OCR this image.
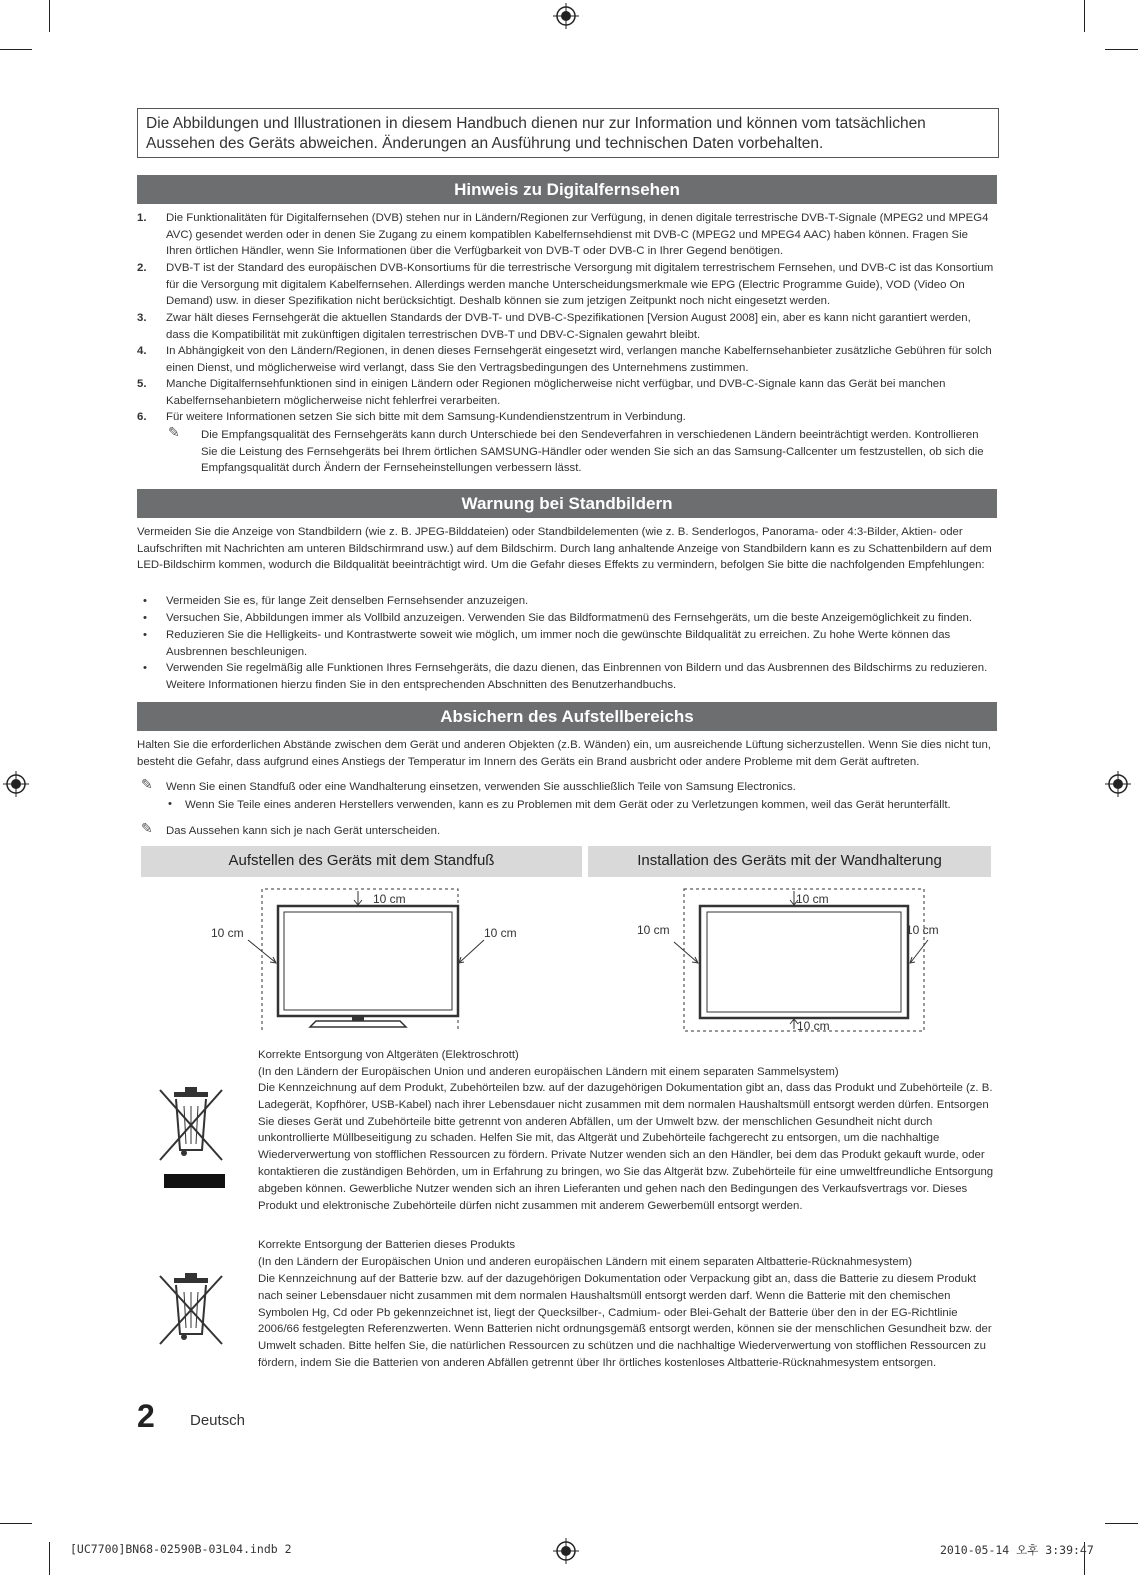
Die Abbildungen und Illustrationen in diesem Handbuch dienen nur zur Information und können vom tatsächlichen Aussehen des Geräts abweichen. Änderungen an Ausführung und technischen Daten vorbehalten.
Hinweis zu Digitalfernsehen
1. Die Funktionalitäten für Digitalfernsehen (DVB) stehen nur in Ländern/Regionen zur Verfügung, in denen digitale terrestrische DVB-T-Signale (MPEG2 und MPEG4 AVC) gesendet werden oder in denen Sie Zugang zu einem kompatiblen Kabelfernsehdienst mit DVB-C (MPEG2 und MPEG4 AAC) haben können. Fragen Sie Ihren örtlichen Händler, wenn Sie Informationen über die Verfügbarkeit von DVB-T oder DVB-C in Ihrer Gegend benötigen.
2. DVB-T ist der Standard des europäischen DVB-Konsortiums für die terrestrische Versorgung mit digitalem terrestrischem Fernsehen, und DVB-C ist das Konsortium für die Versorgung mit digitalem Kabelfernsehen. Allerdings werden manche Unterscheidungsmerkmale wie EPG (Electric Programme Guide), VOD (Video On Demand) usw. in dieser Spezifikation nicht berücksichtigt. Deshalb können sie zum jetzigen Zeitpunkt noch nicht eingesetzt werden.
3. Zwar hält dieses Fernsehgerät die aktuellen Standards der DVB-T- und DVB-C-Spezifikationen [Version August 2008] ein, aber es kann nicht garantiert werden, dass die Kompatibilität mit zukünftigen digitalen terrestrischen DVB-T und DBV-C-Signalen gewahrt bleibt.
4. In Abhängigkeit von den Ländern/Regionen, in denen dieses Fernsehgerät eingesetzt wird, verlangen manche Kabelfernsehanbieter zusätzliche Gebühren für solch einen Dienst, und möglicherweise wird verlangt, dass Sie den Vertragsbedingungen des Unternehmens zustimmen.
5. Manche Digitalfernsehfunktionen sind in einigen Ländern oder Regionen möglicherweise nicht verfügbar, und DVB-C-Signale kann das Gerät bei manchen Kabelfernsehanbietern möglicherweise nicht fehlerfrei verarbeiten.
6. Für weitere Informationen setzen Sie sich bitte mit dem Samsung-Kundendienstzentrum in Verbindung.
✎ Die Empfangsqualität des Fernsehgeräts kann durch Unterschiede bei den Sendeverfahren in verschiedenen Ländern beeinträchtigt werden. Kontrollieren Sie die Leistung des Fernsehgeräts bei Ihrem örtlichen SAMSUNG-Händler oder wenden Sie sich an das Samsung-Callcenter um festzustellen, ob sich die Empfangsqualität durch Ändern der Fernseheinstellungen verbessern lässt.
Warnung bei Standbildern
Vermeiden Sie die Anzeige von Standbildern (wie z. B. JPEG-Bilddateien) oder Standbildelementen (wie z. B. Senderlogos, Panorama- oder 4:3-Bilder, Aktien- oder Laufschriften mit Nachrichten am unteren Bildschirmrand usw.) auf dem Bildschirm. Durch lang anhaltende Anzeige von Standbildern kann es zu Schattenbildern auf dem LED-Bildschirm kommen, wodurch die Bildqualität beeinträchtigt wird. Um die Gefahr dieses Effekts zu vermindern, befolgen Sie bitte die nachfolgenden Empfehlungen:
• Vermeiden Sie es, für lange Zeit denselben Fernsehsender anzuzeigen.
• Versuchen Sie, Abbildungen immer als Vollbild anzuzeigen. Verwenden Sie das Bildformatmenü des Fernsehgeräts, um die beste Anzeigemöglichkeit zu finden.
• Reduzieren Sie die Helligkeits- und Kontrastwerte soweit wie möglich, um immer noch die gewünschte Bildqualität zu erreichen. Zu hohe Werte können das Ausbrennen beschleunigen.
• Verwenden Sie regelmäßig alle Funktionen Ihres Fernsehgeräts, die dazu dienen, das Einbrennen von Bildern und das Ausbrennen des Bildschirms zu reduzieren. Weitere Informationen hierzu finden Sie in den entsprechenden Abschnitten des Benutzerhandbuchs.
Absichern des Aufstellbereichs
Halten Sie die erforderlichen Abstände zwischen dem Gerät und anderen Objekten (z.B. Wänden) ein, um ausreichende Lüftung sicherzustellen. Wenn Sie dies nicht tun, besteht die Gefahr, dass aufgrund eines Anstiegs der Temperatur im Innern des Geräts ein Brand ausbricht oder andere Probleme mit dem Gerät auftreten.
✎ Wenn Sie einen Standfuß oder eine Wandhalterung einsetzen, verwenden Sie ausschließlich Teile von Samsung Electronics.
• Wenn Sie Teile eines anderen Herstellers verwenden, kann es zu Problemen mit dem Gerät oder zu Verletzungen kommen, weil das Gerät herunterfällt.
✎ Das Aussehen kann sich je nach Gerät unterscheiden.
Aufstellen des Geräts mit dem Standfuß	Installation des Geräts mit der Wandhalterung
10 cm
10 cm	10 cm
10 cm
10 cm	10 cm
10 cm
Korrekte Entsorgung von Altgeräten (Elektroschrott)
(In den Ländern der Europäischen Union und anderen europäischen Ländern mit einem separaten Sammelsystem)
Die Kennzeichnung auf dem Produkt, Zubehörteilen bzw. auf der dazugehörigen Dokumentation gibt an, dass das Produkt und Zubehörteile (z. B. Ladegerät, Kopfhörer, USB-Kabel) nach ihrer Lebensdauer nicht zusammen mit dem normalen Haushaltsmüll entsorgt werden dürfen. Entsorgen Sie dieses Gerät und Zubehörteile bitte getrennt von anderen Abfällen, um der Umwelt bzw. der menschlichen Gesundheit nicht durch unkontrollierte Müllbeseitigung zu schaden. Helfen Sie mit, das Altgerät und Zubehörteile fachgerecht zu entsorgen, um die nachhaltige Wiederverwertung von stofflichen Ressourcen zu fördern. Private Nutzer wenden sich an den Händler, bei dem das Produkt gekauft wurde, oder kontaktieren die zuständigen Behörden, um in Erfahrung zu bringen, wo Sie das Altgerät bzw. Zubehörteile für eine umweltfreundliche Entsorgung abgeben können. Gewerbliche Nutzer wenden sich an ihren Lieferanten und gehen nach den Bedingungen des Verkaufsvertrags vor. Dieses Produkt und elektronische Zubehörteile dürfen nicht zusammen mit anderem Gewerbemüll entsorgt werden.
Korrekte Entsorgung der Batterien dieses Produkts
(In den Ländern der Europäischen Union und anderen europäischen Ländern mit einem separaten Altbatterie-Rücknahmesystem)
Die Kennzeichnung auf der Batterie bzw. auf der dazugehörigen Dokumentation oder Verpackung gibt an, dass die Batterie zu diesem Produkt nach seiner Lebensdauer nicht zusammen mit dem normalen Haushaltsmüll entsorgt werden darf. Wenn die Batterie mit den chemischen Symbolen Hg, Cd oder Pb gekennzeichnet ist, liegt der Quecksilber-, Cadmium- oder Blei-Gehalt der Batterie über den in der EG-Richtlinie 2006/66 festgelegten Referenzwerten. Wenn Batterien nicht ordnungsgemäß entsorgt werden, können sie der menschlichen Gesundheit bzw. der Umwelt schaden. Bitte helfen Sie, die natürlichen Ressourcen zu schützen und die nachhaltige Wiederverwertung von stofflichen Ressourcen zu fördern, indem Sie die Batterien von anderen Abfällen getrennt über Ihr örtliches kostenloses Altbatterie-Rücknahmesystem entsorgen.
2 Deutsch
[UC7700]BN68-02590B-03L04.indb 2	2010-05-14 오후 3:39:47
